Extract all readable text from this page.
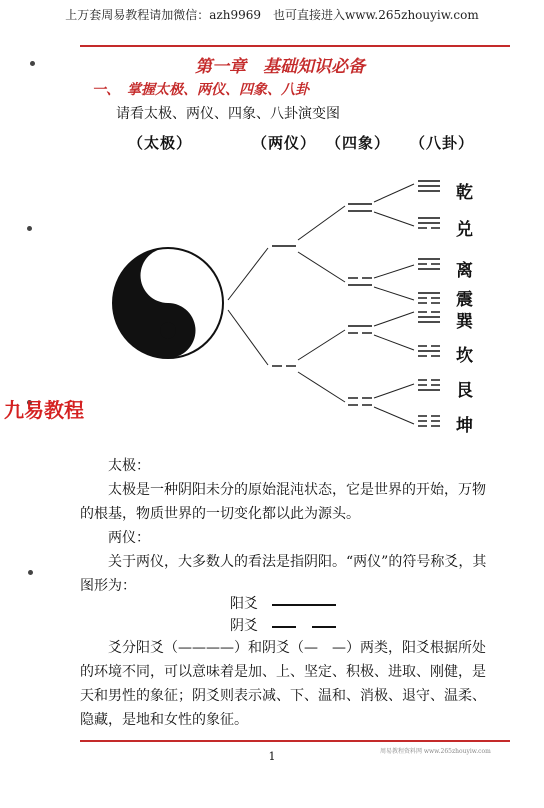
上万套周易教程请加微信：azh9969　也可直接进入www.265zhouyiw.com
第一章　基础知识必备
一、　掌握太极、两仪、四象、八卦
请看太极、两仪、四象、八卦演变图
（太极）	（两仪） （四象） （八卦）
乾
兑
离
震
巽
坎
艮
坤
九易教程
太极：
太极是一种阴阳未分的原始混沌状态，它是世界的开始，万物的根基，物质世界的一切变化都以此为源头。
两仪：
关于两仪，大多数人的看法是指阴阳。“两仪”的符号称爻，其图形为：
阳爻
阴爻
爻分阳爻（————）和阴爻（—　—）两类，阳爻根据所处的环境不同，可以意味着是加、上、坚定、积极、进取、刚健，是天和男性的象征；阴爻则表示减、下、温和、消极、退守、温柔、隐藏，是地和女性的象征。
周易教程资料网 www.265zhouyiw.com
1
